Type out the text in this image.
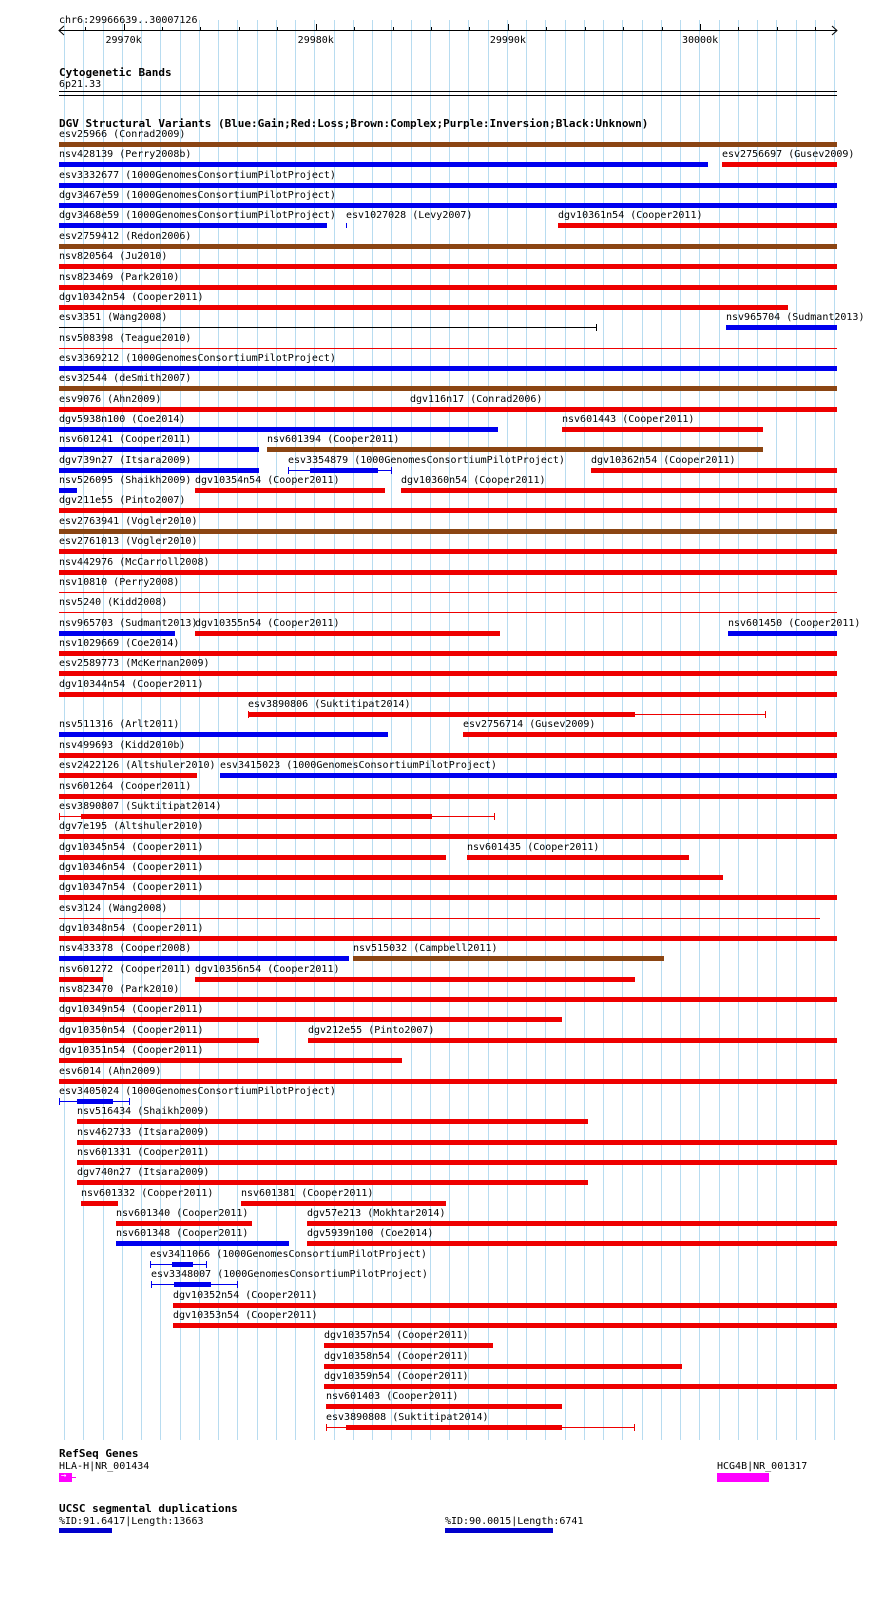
chr6:29966639..30007126
29970k	29980k	29990k	30000k
Cytogenetic Bands
6p21.33
DGV Structural Variants (Blue:Gain;Red:Loss;Brown:Complex;Purple:Inversion;Black:Unknown)
esv25966 (Conrad2009)
nsv428139 (Perry2008b)	esv2756697 (Gusev2009)
esv3332677 (1000GenomesConsortiumPilotProject)
dgv3467e59 (1000GenomesConsortiumPilotProject)
dgv3468e59 (1000GenomesConsortiumPilotProject) esv1027028 (Levy2007)	dgv10361n54 (Cooper2011)
esv2759412 (Redon2006)
nsv820564 (Ju2010)
nsv823469 (Park2010)
dgv10342n54 (Cooper2011)
esv3351 (Wang2008)	nsv965704 (Sudmant2013)
nsv508398 (Teague2010)
esv3369212 (1000GenomesConsortiumPilotProject)
esv32544 (deSmith2007)
esv9076 (Ahn2009)	dgv116n17 (Conrad2006)
dgv5938n100 (Coe2014)	nsv601443 (Cooper2011)
nsv601241 (Cooper2011)	nsv601394 (Cooper2011)
dgv739n27 (Itsara2009)	esv3354879 (1000GenomesConsortiumPilotProject)	dgv10362n54 (Cooper2011)
nsv526095 (Shaikh2009) dgv10354n54 (Cooper2011)	dgv10360n54 (Cooper2011)
dgv211e55 (Pinto2007)
esv2763941 (Vogler2010)
esv2761013 (Vogler2010)
nsv442976 (McCarroll2008)
nsv10810 (Perry2008)
nsv5240 (Kidd2008)
nsv965703 (Sudmant2013)
dgv10355n54 (Cooper2011)	nsv601450 (Cooper2011)
nsv1029669 (Coe2014)
esv2589773 (McKernan2009)
dgv10344n54 (Cooper2011)
esv3890806 (Suktitipat2014)
nsv511316 (Arlt2011)	esv2756714 (Gusev2009)
nsv499693 (Kidd2010b)
esv2422126 (Altshuler2010) esv3415023 (1000GenomesConsortiumPilotProject)
nsv601264 (Cooper2011)
esv3890807 (Suktitipat2014)
dgv7e195 (Altshuler2010)
dgv10345n54 (Cooper2011)	nsv601435 (Cooper2011)
dgv10346n54 (Cooper2011)
dgv10347n54 (Cooper2011)
esv3124 (Wang2008)
dgv10348n54 (Cooper2011)
nsv433378 (Cooper2008)	nsv515032 (Campbell2011)
nsv601272 (Cooper2011) dgv10356n54 (Cooper2011)
nsv823470 (Park2010)
dgv10349n54 (Cooper2011)
dgv10350n54 (Cooper2011)	dgv212e55 (Pinto2007)
dgv10351n54 (Cooper2011)
esv6014 (Ahn2009)
esv3405024 (1000GenomesConsortiumPilotProject)
nsv516434 (Shaikh2009)
nsv462733 (Itsara2009)
nsv601331 (Cooper2011)
dgv740n27 (Itsara2009)
nsv601332 (Cooper2011)	nsv601381 (Cooper2011)
nsv601340 (Cooper2011)	dgv57e213 (Mokhtar2014)
nsv601348 (Cooper2011)	dgv5939n100 (Coe2014)
esv3411066 (1000GenomesConsortiumPilotProject)
esv3348007 (1000GenomesConsortiumPilotProject)
dgv10352n54 (Cooper2011)
dgv10353n54 (Cooper2011)
dgv10357n54 (Cooper2011)
dgv10358n54 (Cooper2011)
dgv10359n54 (Cooper2011)
nsv601403 (Cooper2011)
esv3890808 (Suktitipat2014)
RefSeq Genes
HLA-H|NR_001434
→
HCG4B|NR_001317
UCSC segmental duplications
%ID:91.6417|Length:13663	%ID:90.0015|Length:6741
